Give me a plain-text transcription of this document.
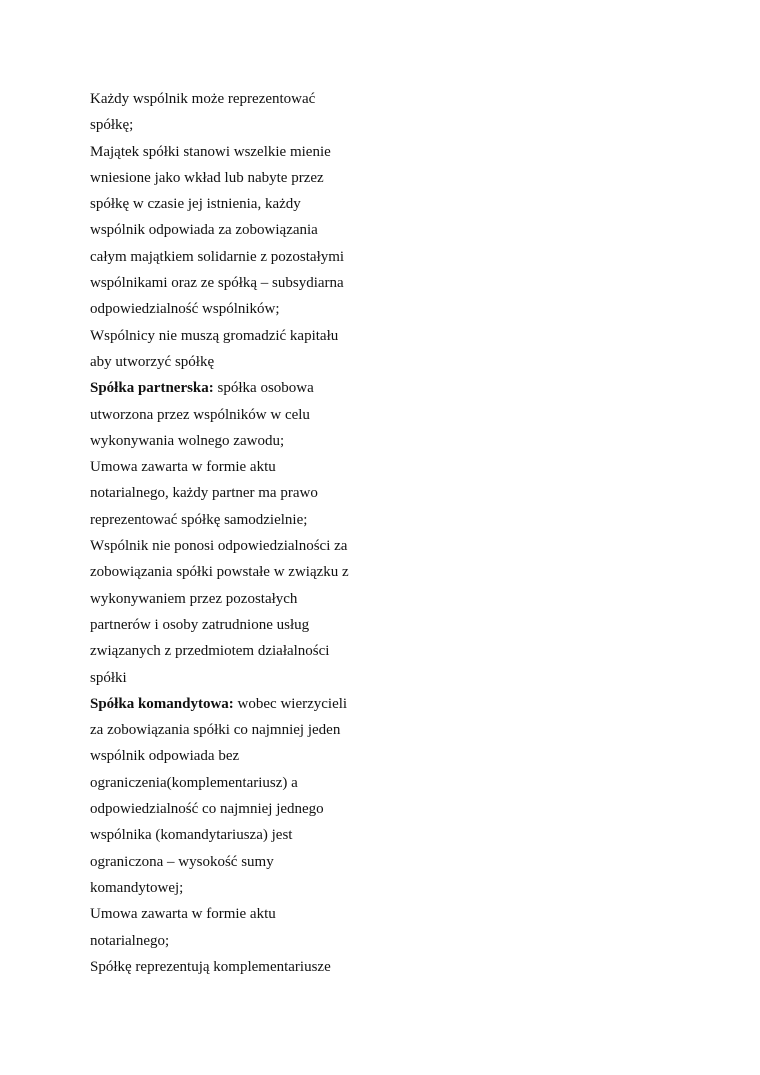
Każdy wspólnik może reprezentować
spółkę;
Majątek spółki stanowi wszelkie mienie
wniesione jako wkład lub nabyte przez
spółkę w czasie jej istnienia, każdy
wspólnik odpowiada za zobowiązania
całym majątkiem solidarnie z pozostałymi
wspólnikami oraz ze spółką – subsydiarna
odpowiedzialność wspólników;
Wspólnicy nie muszą gromadzić kapitału
aby utworzyć spółkę
Spółka partnerska: spółka osobowa
utworzona przez wspólników w celu
wykonywania wolnego zawodu;
Umowa zawarta w formie aktu
notarialnego, każdy partner ma prawo
reprezentować spółkę samodzielnie;
Wspólnik nie ponosi odpowiedzialności za
zobowiązania spółki powstałe w związku z
wykonywaniem przez pozostałych
partnerów i osoby zatrudnione usług
związanych z przedmiotem działalności
spółki
Spółka komandytowa: wobec wierzycieli
za zobowiązania spółki co najmniej jeden
wspólnik odpowiada bez
ograniczenia(komplementariusz) a
odpowiedzialność co najmniej jednego
wspólnika (komandytariusza) jest
ograniczona – wysokość sumy
komandytowej;
Umowa zawarta w formie aktu
notarialnego;
Spółkę reprezentują komplementariusze
